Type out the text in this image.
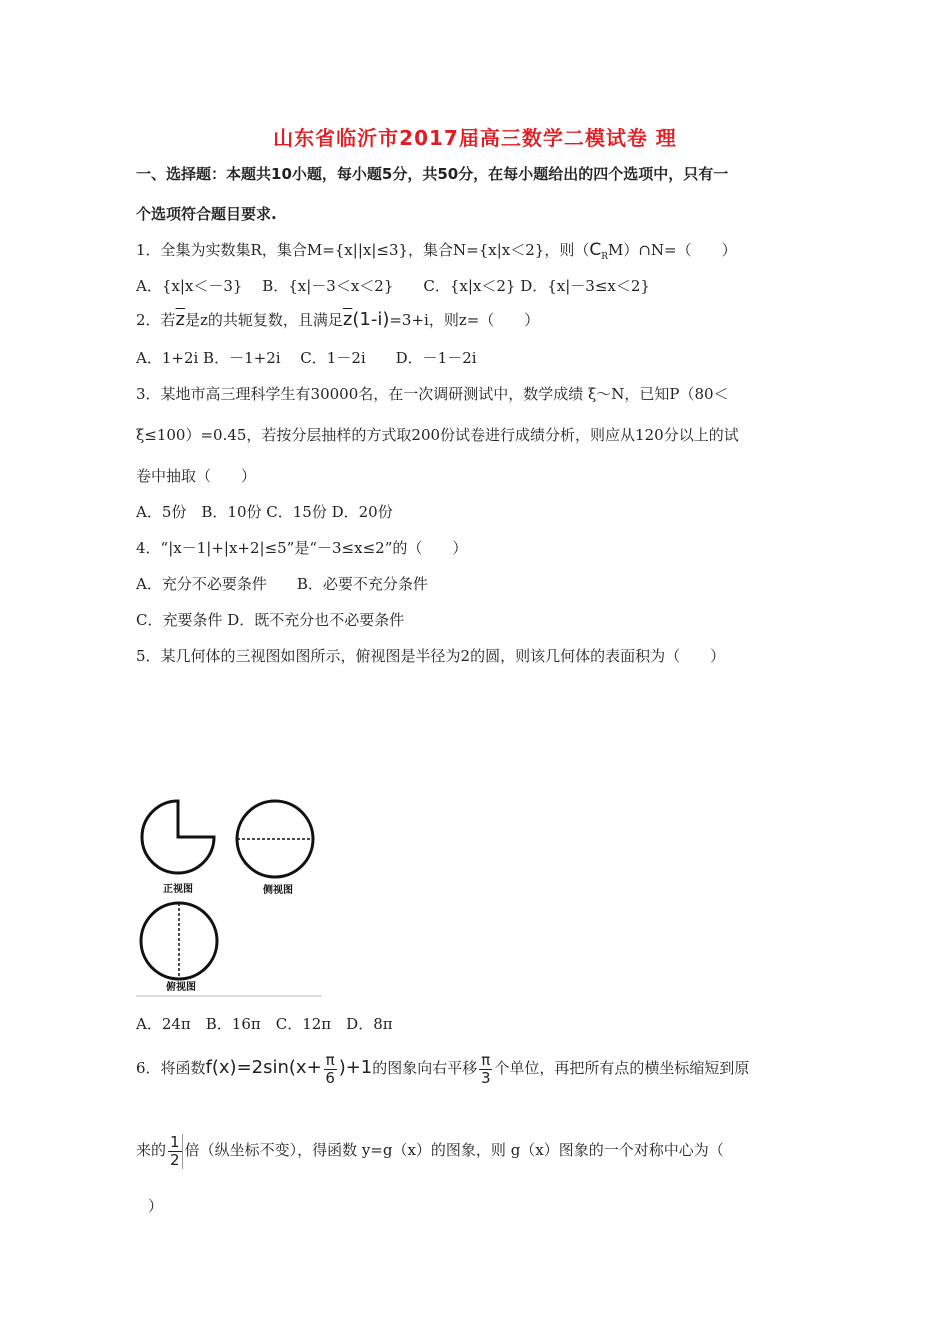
山东省临沂市2017届高三数学二模试卷 理
一、选择题：本题共10小题，每小题5分，共50分，在每小题给出的四个选项中，只有一
个选项符合题目要求.
1．全集为实数集R，集合M={x||x|≤3}，集合N={x|x＜2}，则$(C_RM)\cap N=$（　　）
A．{x|x＜－3}　 B．{x|－3＜x＜2}　　C．{x|x＜2} D．{x|－3≤x＜2}
2．若$\overline{z}$是z的共轭复数，且满足$\overline{z}(1-i)=3+i$，则z=（　　）
A．1+2i B．－1+2i　 C．1－2i　　D．－1－2i
3．某地市高三理科学生有30000名，在一次调研测试中，数学成绩 ξ～N，已知P（80＜
ξ≤100）=0.45，若按分层抽样的方式取200份试卷进行成绩分析，则应从120分以上的试
卷中抽取（　　）
A．5份　B．10份 C．15份 D．20份
4．“|x－1|+|x+2|≤5”是“－3≤x≤2”的（　　）
A．充分不必要条件　　B．必要不充分条件
C．充要条件 D．既不充分也不必要条件
5．某几何体的三视图如图所示，俯视图是半径为2的圆，则该几何体的表面积为（　　）
正视图	侧视图
俯视图
A．24π　B．16π　C．12π　D．8π
6．将函数$f(x)=2\sin(x+ \frac{\pi}{6} )+1$的图象向右平移 $\frac{\pi}{3}$ 个单位，再把所有点的横坐标缩短到原
来的 $\frac{1}{2}$ 倍（纵坐标不变），得函数 y=g（x）的图象，则 g（x）图象的一个对称中心为（
）
